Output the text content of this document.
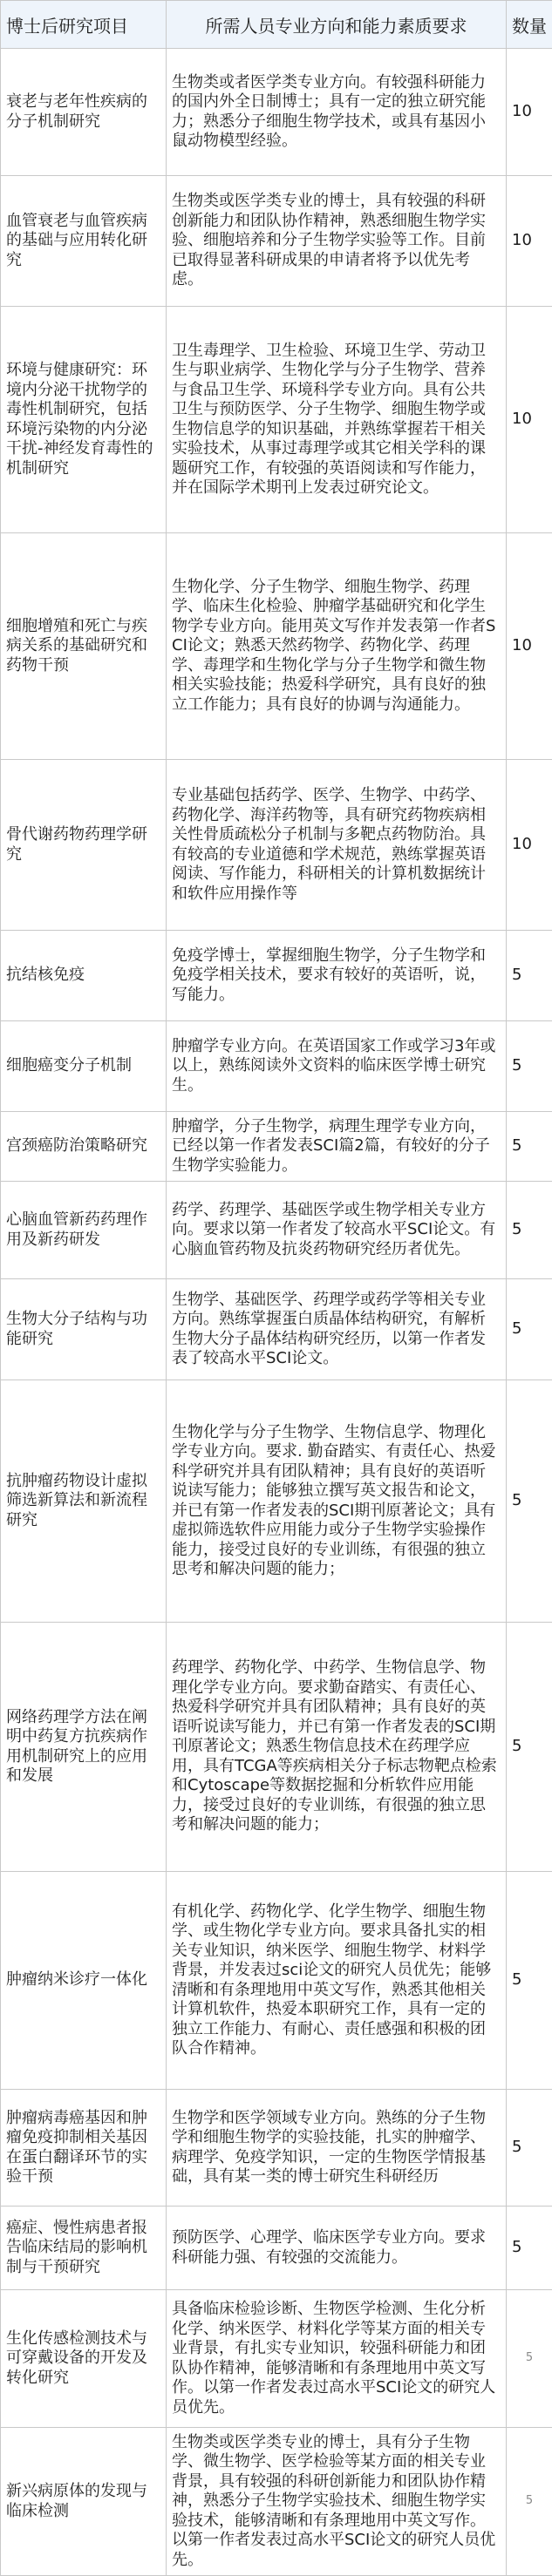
博士后研究项目	所需人员专业方向和能力素质要求	数量
衰老与老年性疾病的分子机制研究	生物类或者医学类专业方向。有较强科研能力的国内外全日制博士；具有一定的独立研究能力；熟悉分子细胞生物学技术，或具有基因小鼠动物模型经验。	10
血管衰老与血管疾病的基础与应用转化研究	生物类或医学类专业的博士，具有较强的科研创新能力和团队协作精神，熟悉细胞生物学实验、细胞培养和分子生物学实验等工作。目前已取得显著科研成果的申请者将予以优先考虑。	10
环境与健康研究：环境内分泌干扰物学的毒性机制研究，包括环境污染物的内分泌干扰-神经发育毒性的机制研究	卫生毒理学、卫生检验、环境卫生学、劳动卫生与职业病学、生物化学与分子生物学、营养与食品卫生学、环境科学专业方向。具有公共卫生与预防医学、分子生物学、细胞生物学或生物信息学的知识基础，并熟练掌握若干相关实验技术，从事过毒理学或其它相关学科的课题研究工作，有较强的英语阅读和写作能力，并在国际学术期刊上发表过研究论文。	10
细胞增殖和死亡与疾病关系的基础研究和药物干预	生物化学、分子生物学、细胞生物学、药理学、临床生化检验、肿瘤学基础研究和化学生物学专业方向。能用英文写作并发表第一作者SCI论文；熟悉天然药物学、药物化学、药理学、毒理学和生物化学与分子生物学和微生物相关实验技能；热爱科学研究，具有良好的独立工作能力；具有良好的协调与沟通能力。	10
骨代谢药物药理学研究	专业基础包括药学、医学、生物学、中药学、药物化学、海洋药物等，具有研究药物疾病相关性骨质疏松分子机制与多靶点药物防治。具有较高的专业道德和学术规范，熟练掌握英语阅读、写作能力，科研相关的计算机数据统计和软件应用操作等	10
抗结核免疫	免疫学博士，掌握细胞生物学，分子生物学和免疫学相关技术，要求有较好的英语听，说，写能力。	5
细胞癌变分子机制	肿瘤学专业方向。在英语国家工作或学习3年或以上，熟练阅读外文资料的临床医学博士研究生。	5
宫颈癌防治策略研究	肿瘤学，分子生物学，病理生理学专业方向，已经以第一作者发表SCI篇2篇，有较好的分子生物学实验能力。	5
心脑血管新药药理作用及新药研发	药学、药理学、基础医学或生物学相关专业方向。要求以第一作者发了较高水平SCI论文。有心脑血管药物及抗炎药物研究经历者优先。	5
生物大分子结构与功能研究	生物学、基础医学、药理学或药学等相关专业方向。熟练掌握蛋白质晶体结构研究，有解析生物大分子晶体结构研究经历，以第一作者发表了较高水平SCI论文。	5
抗肿瘤药物设计虚拟筛选新算法和新流程研究	生物化学与分子生物学、生物信息学、物理化学专业方向。要求. 勤奋踏实、有责任心、热爱科学研究并具有团队精神；具有良好的英语听说读写能力；能够独立撰写英文报告和论文，并已有第一作者发表的SCI期刊原著论文；具有虚拟筛选软件应用能力或分子生物学实验操作能力，接受过良好的专业训练，有很强的独立思考和解决问题的能力；	5
网络药理学方法在阐明中药复方抗疾病作用机制研究上的应用和发展	药理学、药物化学、中药学、生物信息学、物理化学专业方向。要求勤奋踏实、有责任心、热爱科学研究并具有团队精神；具有良好的英语听说读写能力，并已有第一作者发表的SCI期刊原著论文；熟悉生物信息技术在药理学应用，具有TCGA等疾病相关分子标志物靶点检索和Cytoscape等数据挖掘和分析软件应用能力，接受过良好的专业训练，有很强的独立思考和解决问题的能力；	5
肿瘤纳米诊疗一体化	有机化学、药物化学、化学生物学、细胞生物学、或生物化学专业方向。要求具备扎实的相关专业知识，纳米医学、细胞生物学、材料学背景，并发表过sci论文的研究人员优先；能够清晰和有条理地用中英文写作，熟悉其他相关计算机软件，热爱本职研究工作，具有一定的独立工作能力、有耐心、责任感强和积极的团队合作精神。	5
肿瘤病毒癌基因和肿瘤免疫抑制相关基因在蛋白翻译环节的实验干预	生物学和医学领域专业方向。熟练的分子生物学和细胞生物学的实验技能，扎实的肿瘤学、病理学、免疫学知识，一定的生物医学情报基础，具有某一类的博士研究生科研经历	5
癌症、慢性病患者报告临床结局的影响机制与干预研究	预防医学、心理学、临床医学专业方向。要求科研能力强、有较强的交流能力。	5
生化传感检测技术与可穿戴设备的开发及转化研究	具备临床检验诊断、生物医学检测、生化分析化学、纳米医学、材料化学等某方面的相关专业背景，有扎实专业知识，较强科研能力和团队协作精神，能够清晰和有条理地用中英文写作。以第一作者发表过高水平SCI论文的研究人员优先。	5
新兴病原体的发现与临床检测	生物类或医学类专业的博士，具有分子生物学、微生物学、医学检验等某方面的相关专业背景，具有较强的科研创新能力和团队协作精神，熟悉分子生物学实验技术、细胞生物学实验技术，能够清晰和有条理地用中英文写作。以第一作者发表过高水平SCI论文的研究人员优先。	5
